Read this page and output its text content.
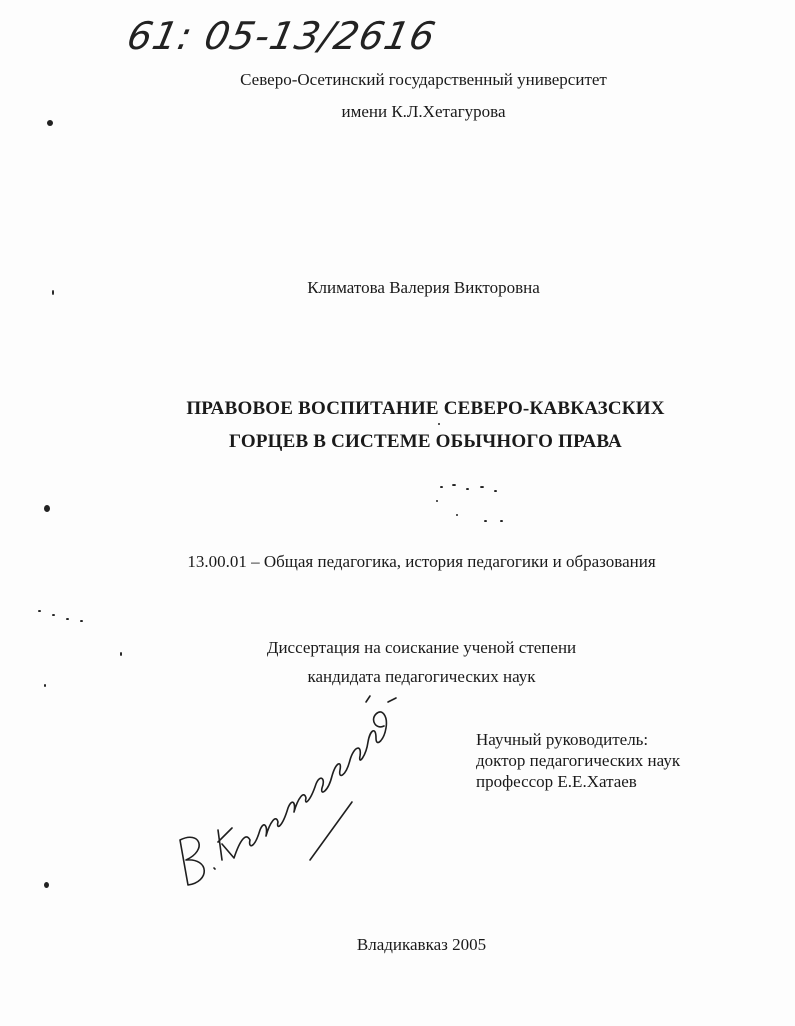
61: 05-13/2616

Северо-Осетинский государственный университет

имени К.Л.Хетагурова

Климатова Валерия Викторовна

ПРАВОВОЕ ВОСПИТАНИЕ СЕВЕРО-КАВКАЗСКИХ

ГОРЦЕВ В СИСТЕМЕ ОБЫЧНОГО ПРАВА

13.00.01 – Общая педагогика, история педагогики и образования

Диссертация на соискание ученой степени

кандидата педагогических наук

Научный руководитель:
доктор педагогических наук
профессор Е.Е.Хатаев

Владикавказ 2005
